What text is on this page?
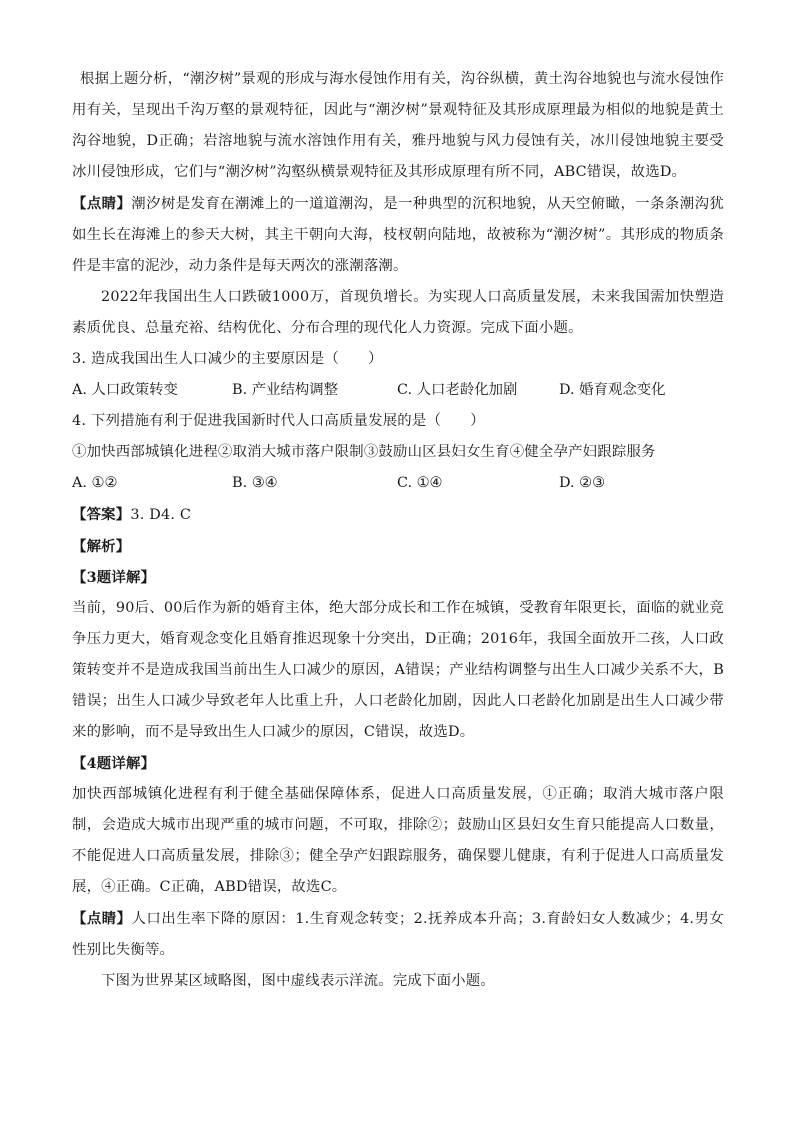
根据上题分析，“潮汐树”景观的形成与海水侵蚀作用有关，沟谷纵横，黄土沟谷地貌也与流水侵蚀作用有关，呈现出千沟万壑的景观特征，因此与“潮汐树”景观特征及其形成原理最为相似的地貌是黄土沟谷地貌，D正确；岩溶地貌与流水溶蚀作用有关，雅丹地貌与风力侵蚀有关，冰川侵蚀地貌主要受冰川侵蚀形成，它们与“潮汐树”沟壑纵横景观特征及其形成原理有所不同，ABC错误，故选D。

【点睛】潮汐树是发育在潮滩上的一道道潮沟，是一种典型的沉积地貌，从天空俯瞰，一条条潮沟犹如生长在海滩上的参天大树，其主干朝向大海，枝杈朝向陆地，故被称为“潮汐树”。其形成的物质条件是丰富的泥沙，动力条件是每天两次的涨潮落潮。

2022年我国出生人口跌破1000万，首现负增长。为实现人口高质量发展，未来我国需加快塑造素质优良、总量充裕、结构优化、分布合理的现代化人力资源。完成下面小题。

3. 造成我国出生人口减少的主要原因是（　　）

A. 人口政策转变	B. 产业结构调整	C. 人口老龄化加剧	D. 婚育观念变化

4. 下列措施有利于促进我国新时代人口高质量发展的是（　　）

①加快西部城镇化进程②取消大城市落户限制③鼓励山区县妇女生育④健全孕产妇跟踪服务

A. ①②	B. ③④	C. ①④	D. ②③

【答案】3. D4. C

【解析】

【3题详解】

当前，90后、00后作为新的婚育主体，绝大部分成长和工作在城镇，受教育年限更长，面临的就业竞争压力更大，婚育观念变化且婚育推迟现象十分突出，D正确；2016年，我国全面放开二孩，人口政策转变并不是造成我国当前出生人口减少的原因，A错误；产业结构调整与出生人口减少关系不大，B错误；出生人口减少导致老年人比重上升，人口老龄化加剧，因此人口老龄化加剧是出生人口减少带来的影响，而不是导致出生人口减少的原因，C错误，故选D。

【4题详解】

加快西部城镇化进程有利于健全基础保障体系，促进人口高质量发展，①正确；取消大城市落户限制，会造成大城市出现严重的城市问题，不可取，排除②；鼓励山区县妇女生育只能提高人口数量，不能促进人口高质量发展，排除③；健全孕产妇跟踪服务，确保婴儿健康，有利于促进人口高质量发展，④正确。C正确，ABD错误，故选C。

【点睛】人口出生率下降的原因：1.生育观念转变；2.抚养成本升高；3.育龄妇女人数减少；4.男女性别比失衡等。

下图为世界某区域略图，图中虚线表示洋流。完成下面小题。
